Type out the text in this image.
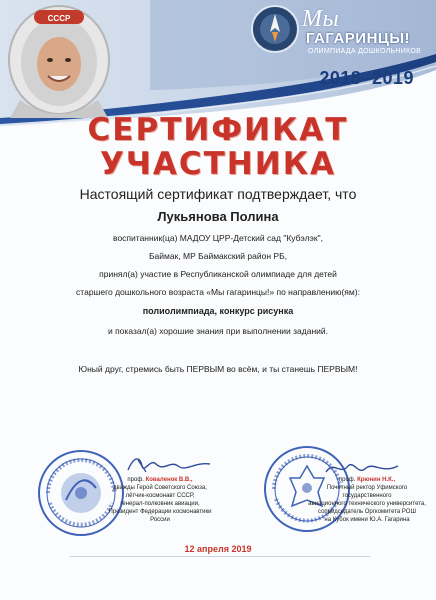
СССР	Мы
ГАГАРИНЦЫ!
ОЛИМПИАДА ДОШКОЛЬНИКОВ
2018–2019
СЕРТИФИКАТ
УЧАСТНИКА
Настоящий сертификат подтверждает, что
Лукьянова Полина
воспитанник(ца) МАДОУ ЦРР-Детский сад "Кубэлэк",
Баймак, МР Баймакский район РБ,
принял(а) участие в Республиканской олимпиаде для детей
старшего дошкольного возраста «Мы гагаринцы!» по направлению(ям):
полиолимпиада, конкурс рисунка
и показал(а) хорошие знания при выполнении заданий.
Юный друг, стремись быть ПЕРВЫМ во всём, и ты станешь ПЕРВЫМ!
проф. Коваленок В.В.,
дважды Герой Советского Союза,
лётчик-космонавт СССР,
генерал-полковник авиации,
Президент Федерации космонавтики России
проф. Крюнин Н.К.,
Почётный ректор Уфимского государственного
авиационного технического университета,
сопредседатель Оргкомитета РОШ
на Кубок имени Ю.А. Гагарина
12 апреля 2019
